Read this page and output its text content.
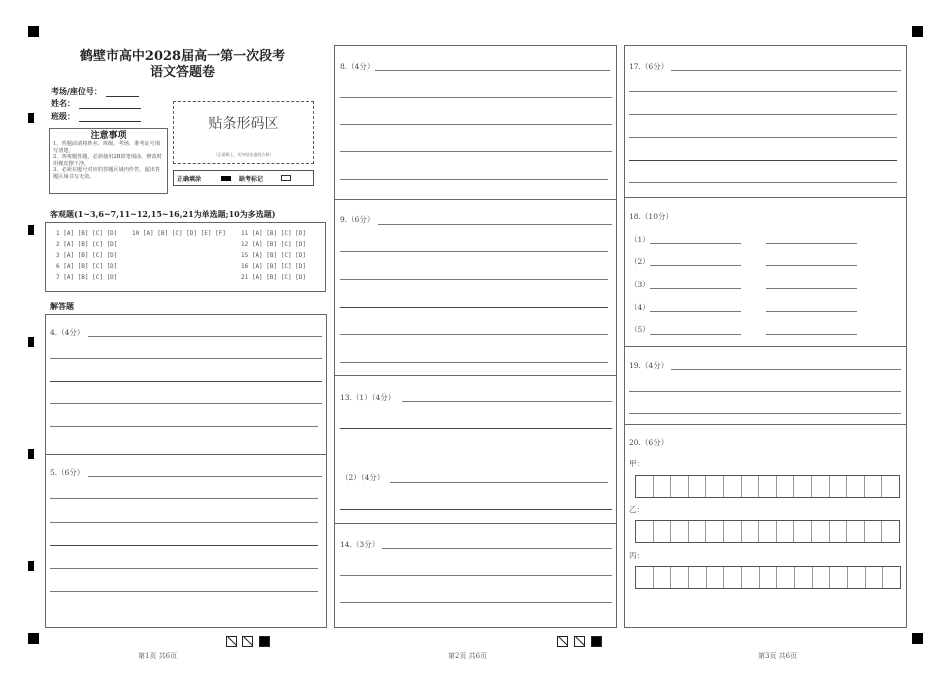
鹤壁市高中2028届高一第一次段考
语文答题卷
考场/座位号：
姓名：
班级：
注意事项
1、答题前请将姓名、班级、考场、准考证号填写清楚。
2、客观题答题，必须使用2B铅笔填涂，修改时用橡皮擦干净。
3、必须在题号对应的答题区域内作答，超出答题区域书写无效。
贴条形码区
（正面朝上，切勿贴出虚线方框）
正确填涂	缺考标记
客观题(1~3,6~7,11~12,15~16,21为单选题;10为多选题)
1 [A] [B] [C] [D]
2 [A] [B] [C] [D]
3 [A] [B] [C] [D]
6 [A] [B] [C] [D]
7 [A] [B] [C] [D]
10 [A] [B] [C] [D] [E] [F]	11 [A] [B] [C] [D]
12 [A] [B] [C] [D]
15 [A] [B] [C] [D]
16 [A] [B] [C] [D]
21 [A] [B] [C] [D]
解答题
4.（4分）
5.（6分）
第1页 共6页
8.（4分）
9.（6分）
13.（1）（4分）
（2）（4分）
14.（3分）
第2页 共6页
17.（6分）
18.（10分）
（1）
（2）
（3）
（4）
（5）
19.（4分）
20.（6分）
甲：
乙：
丙：
第3页 共6页
